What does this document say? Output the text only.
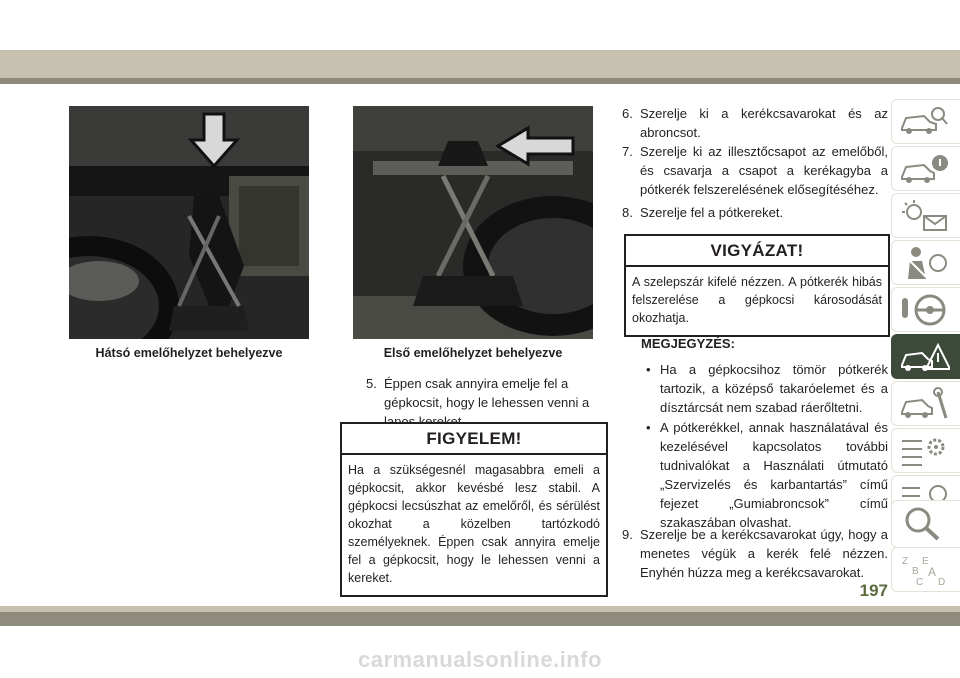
Hátsó emelőhelyzet behelyezve	Első emelőhelyzet behelyezve
5. Éppen csak annyira emelje fel a gépkocsit, hogy le lehessen venni a
FIGYELEM!
Ha a szükségesnél magasabbra emeli a gépkocsit, akkor kevésbé lesz stabil. A gépkocsi lecsúszhat az emelőről, és sérülést okozhat a közelben tartózkodó személyeknek. Éppen csak annyira emelje fel a gépkocsit, hogy le lehessen venni a kereket.
6. Szerelje ki a kerékcsavarokat és az abroncsot.
7. Szerelje ki az illesztőcsapot az emelőből, és csavarja a csapot a kerékagyba a pótkerék felszerelésének elősegítéséhez.
8. Szerelje fel a pótkereket.
VIGYÁZAT!
A szelepszár kifelé nézzen. A pótkerék hibás felszerelése a gépkocsi károsodását okozhatja.
MEGJEGYZÉS:
• Ha a gépkocsihoz tömör pótkerék tartozik, a középső takaróelemet és a dísztárcsát nem szabad ráerőltetni.
• A pótkerékkel, annak használatával és kezelésével kapcsolatos további tudnivalókat a Használati útmutató „Szervizelés és karbantartás” című fejezet „Gumiabroncsok” című szakaszában olvashat.
9. Szerelje be a kerékcsavarokat úgy, hogy a menetes végük a kerék felé nézzen. Enyhén húzza meg a kerékcsavarokat.
Z
B
E
A
C D
197
carmanualsonline.info
